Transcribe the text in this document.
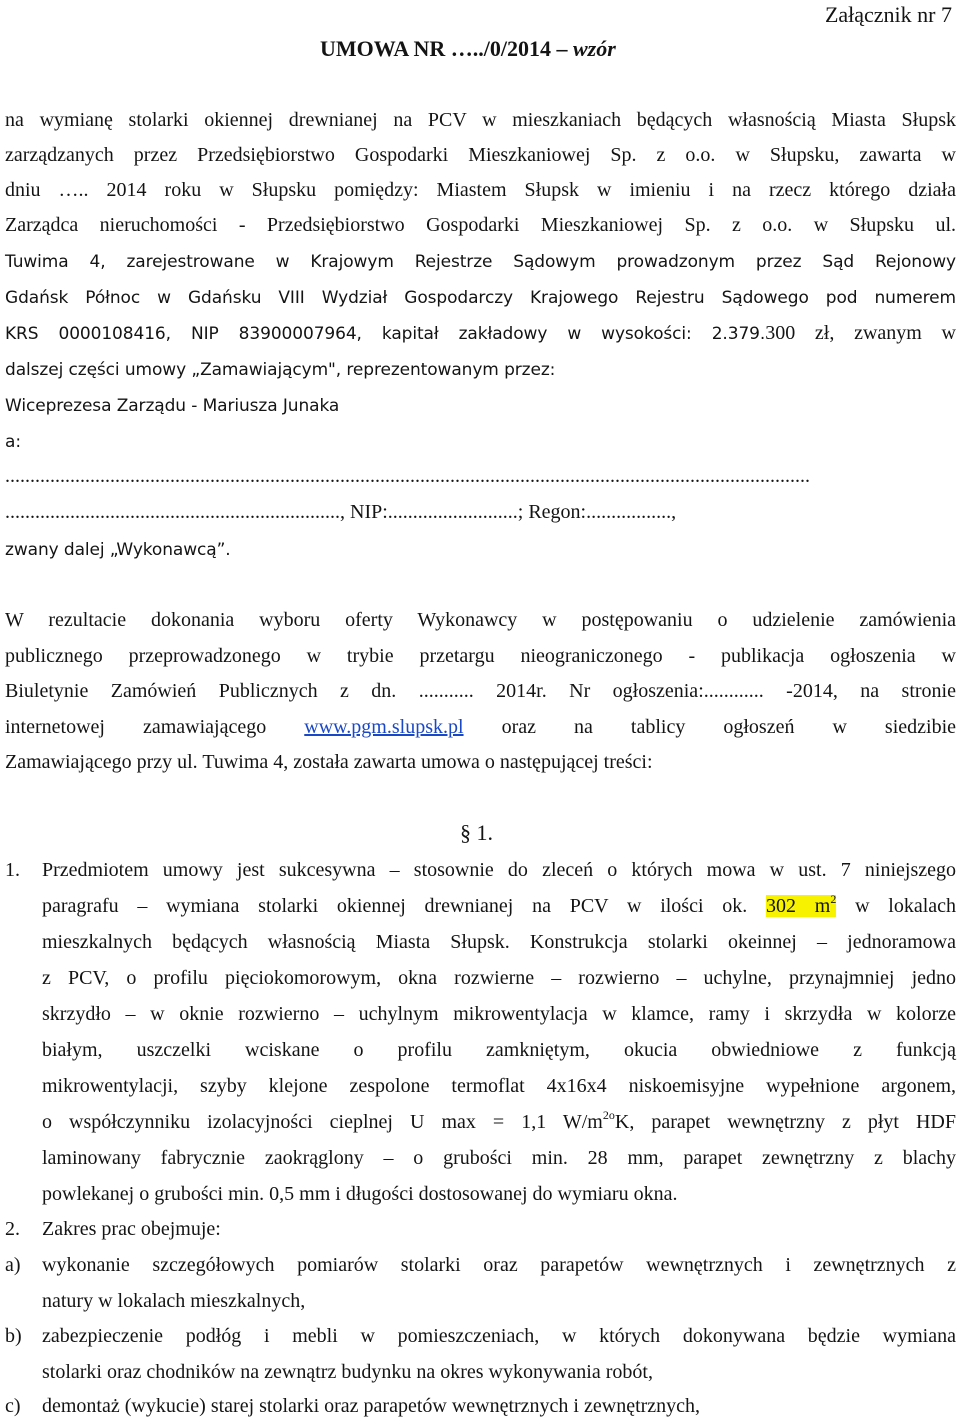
Załącznik nr 7
UMOWA NR …../0/2014 – wzór
na wymianę stolarki okiennej drewnianej na PCV w mieszkaniach będących własnością Miasta Słupsk
zarządzanych przez Przedsiębiorstwo Gospodarki Mieszkaniowej Sp. z o.o. w Słupsku, zawarta w
dniu ….. 2014 roku w Słupsku pomiędzy: Miastem Słupsk w imieniu i na rzecz którego działa
Zarządca nieruchomości - Przedsiębiorstwo Gospodarki Mieszkaniowej Sp. z o.o. w Słupsku ul.
Tuwima 4, zarejestrowane w Krajowym Rejestrze Sądowym prowadzonym przez Sąd Rejonowy
Gdańsk Północ w Gdańsku VIII Wydział Gospodarczy Krajowego Rejestru Sądowego pod numerem
KRS 0000108416, NIP 83900007964, kapitał zakładowy w wysokości: 2.379.300 zł, zwanym w
dalszej części umowy „Zamawiającym", reprezentowanym przez:
Wiceprezesa Zarządu - Mariusza Junaka
a:
.................................................................................................................................................................
..................................................................., NIP:..........................; Regon:.................,
zwany dalej „Wykonawcą”.
W rezultacie dokonania wyboru oferty Wykonawcy w postępowaniu o udzielenie zamówienia
publicznego przeprowadzonego w trybie przetargu nieograniczonego - publikacja ogłoszenia w
Biuletynie Zamówień Publicznych z dn. ........... 2014r. Nr ogłoszenia:............ -2014, na stronie
internetowej zamawiającego www.pgm.slupsk.pl oraz na tablicy ogłoszeń w siedzibie
Zamawiającego przy ul. Tuwima 4, została zawarta umowa o następującej treści:
§ 1.
1. Przedmiotem umowy jest sukcesywna – stosownie do zleceń o których mowa w ust. 7 niniejszego
paragrafu – wymiana stolarki okiennej drewnianej na PCV w ilości ok. 302 $m^2$ w lokalach
mieszkalnych będących własnością Miasta Słupsk. Konstrukcja stolarki okeinnej – jednoramowa
z PCV, o profilu pięciokomorowym, okna rozwierne – rozwierno – uchylne, przynajmniej jedno
skrzydło – w oknie rozwierno – uchylnym mikrowentylacja w klamce, ramy i skrzydła w kolorze
białym, uszczelki wciskane o profilu zamkniętym, okucia obwiedniowe z funkcją
mikrowentylacji, szyby klejone zespolone termoflat 4x16x4 niskoemisyjne wypełnione argonem,
o współczynniku izolacyjności cieplnej U max = 1,1 $W/m^{2o}K$, parapet wewnętrzny z płyt HDF
laminowany fabrycznie zaokrąglony – o grubości min. 28 mm, parapet zewnętrzny z blachy
powlekanej o grubości min. 0,5 mm i długości dostosowanej do wymiaru okna.
2. Zakres prac obejmuje:
a) wykonanie szczegółowych pomiarów stolarki oraz parapetów wewnętrznych i zewnętrznych z
natury w lokalach mieszkalnych,
b) zabezpieczenie podłóg i mebli w pomieszczeniach, w których dokonywana będzie wymiana
stolarki oraz chodników na zewnątrz budynku na okres wykonywania robót,
c) demontaż (wykucie) starej stolarki oraz parapetów wewnętrznych i zewnętrznych,
